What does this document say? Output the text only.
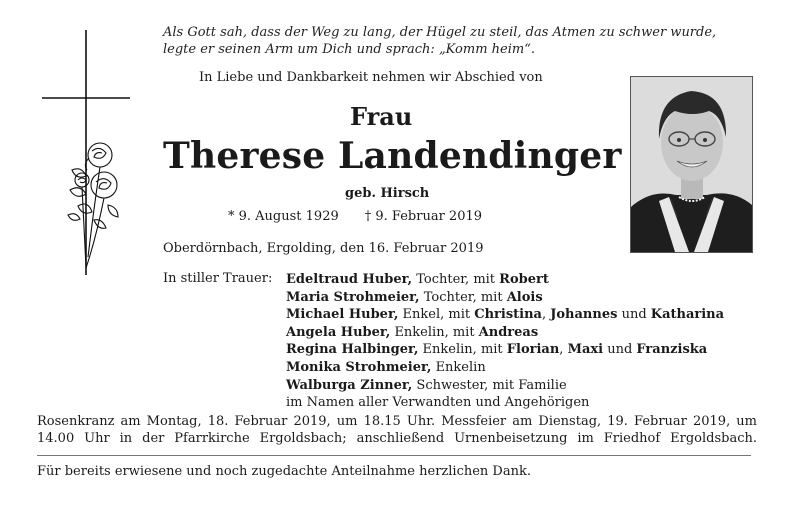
Als Gott sah, dass der Weg zu lang, der Hügel zu steil, das Atmen zu schwer wurde,
legte er seinen Arm um Dich und sprach: „Komm heim“.
In Liebe und Dankbarkeit nehmen wir Abschied von
Frau
Therese Landendinger
geb. Hirsch
* 9. August 1929 † 9. Februar 2019
Oberdörnbach, Ergolding, den 16. Februar 2019
In stiller Trauer: Edeltraud Huber, Tochter, mit Robert
Maria Strohmeier, Tochter, mit Alois
Michael Huber, Enkel, mit Christina, Johannes und Katharina
Angela Huber, Enkelin, mit Andreas
Regina Halbinger, Enkelin, mit Florian, Maxi und Franziska
Monika Strohmeier, Enkelin
Walburga Zinner, Schwester, mit Familie
im Namen aller Verwandten und Angehörigen
Rosenkranz am Montag, 18. Februar 2019, um 18.15 Uhr. Messfeier am Dienstag, 19. Februar 2019, um
14.00 Uhr in der Pfarrkirche Ergoldsbach; anschließend Urnenbeisetzung im Friedhof Ergoldsbach.
Für bereits erwiesene und noch zugedachte Anteilnahme herzlichen Dank.
